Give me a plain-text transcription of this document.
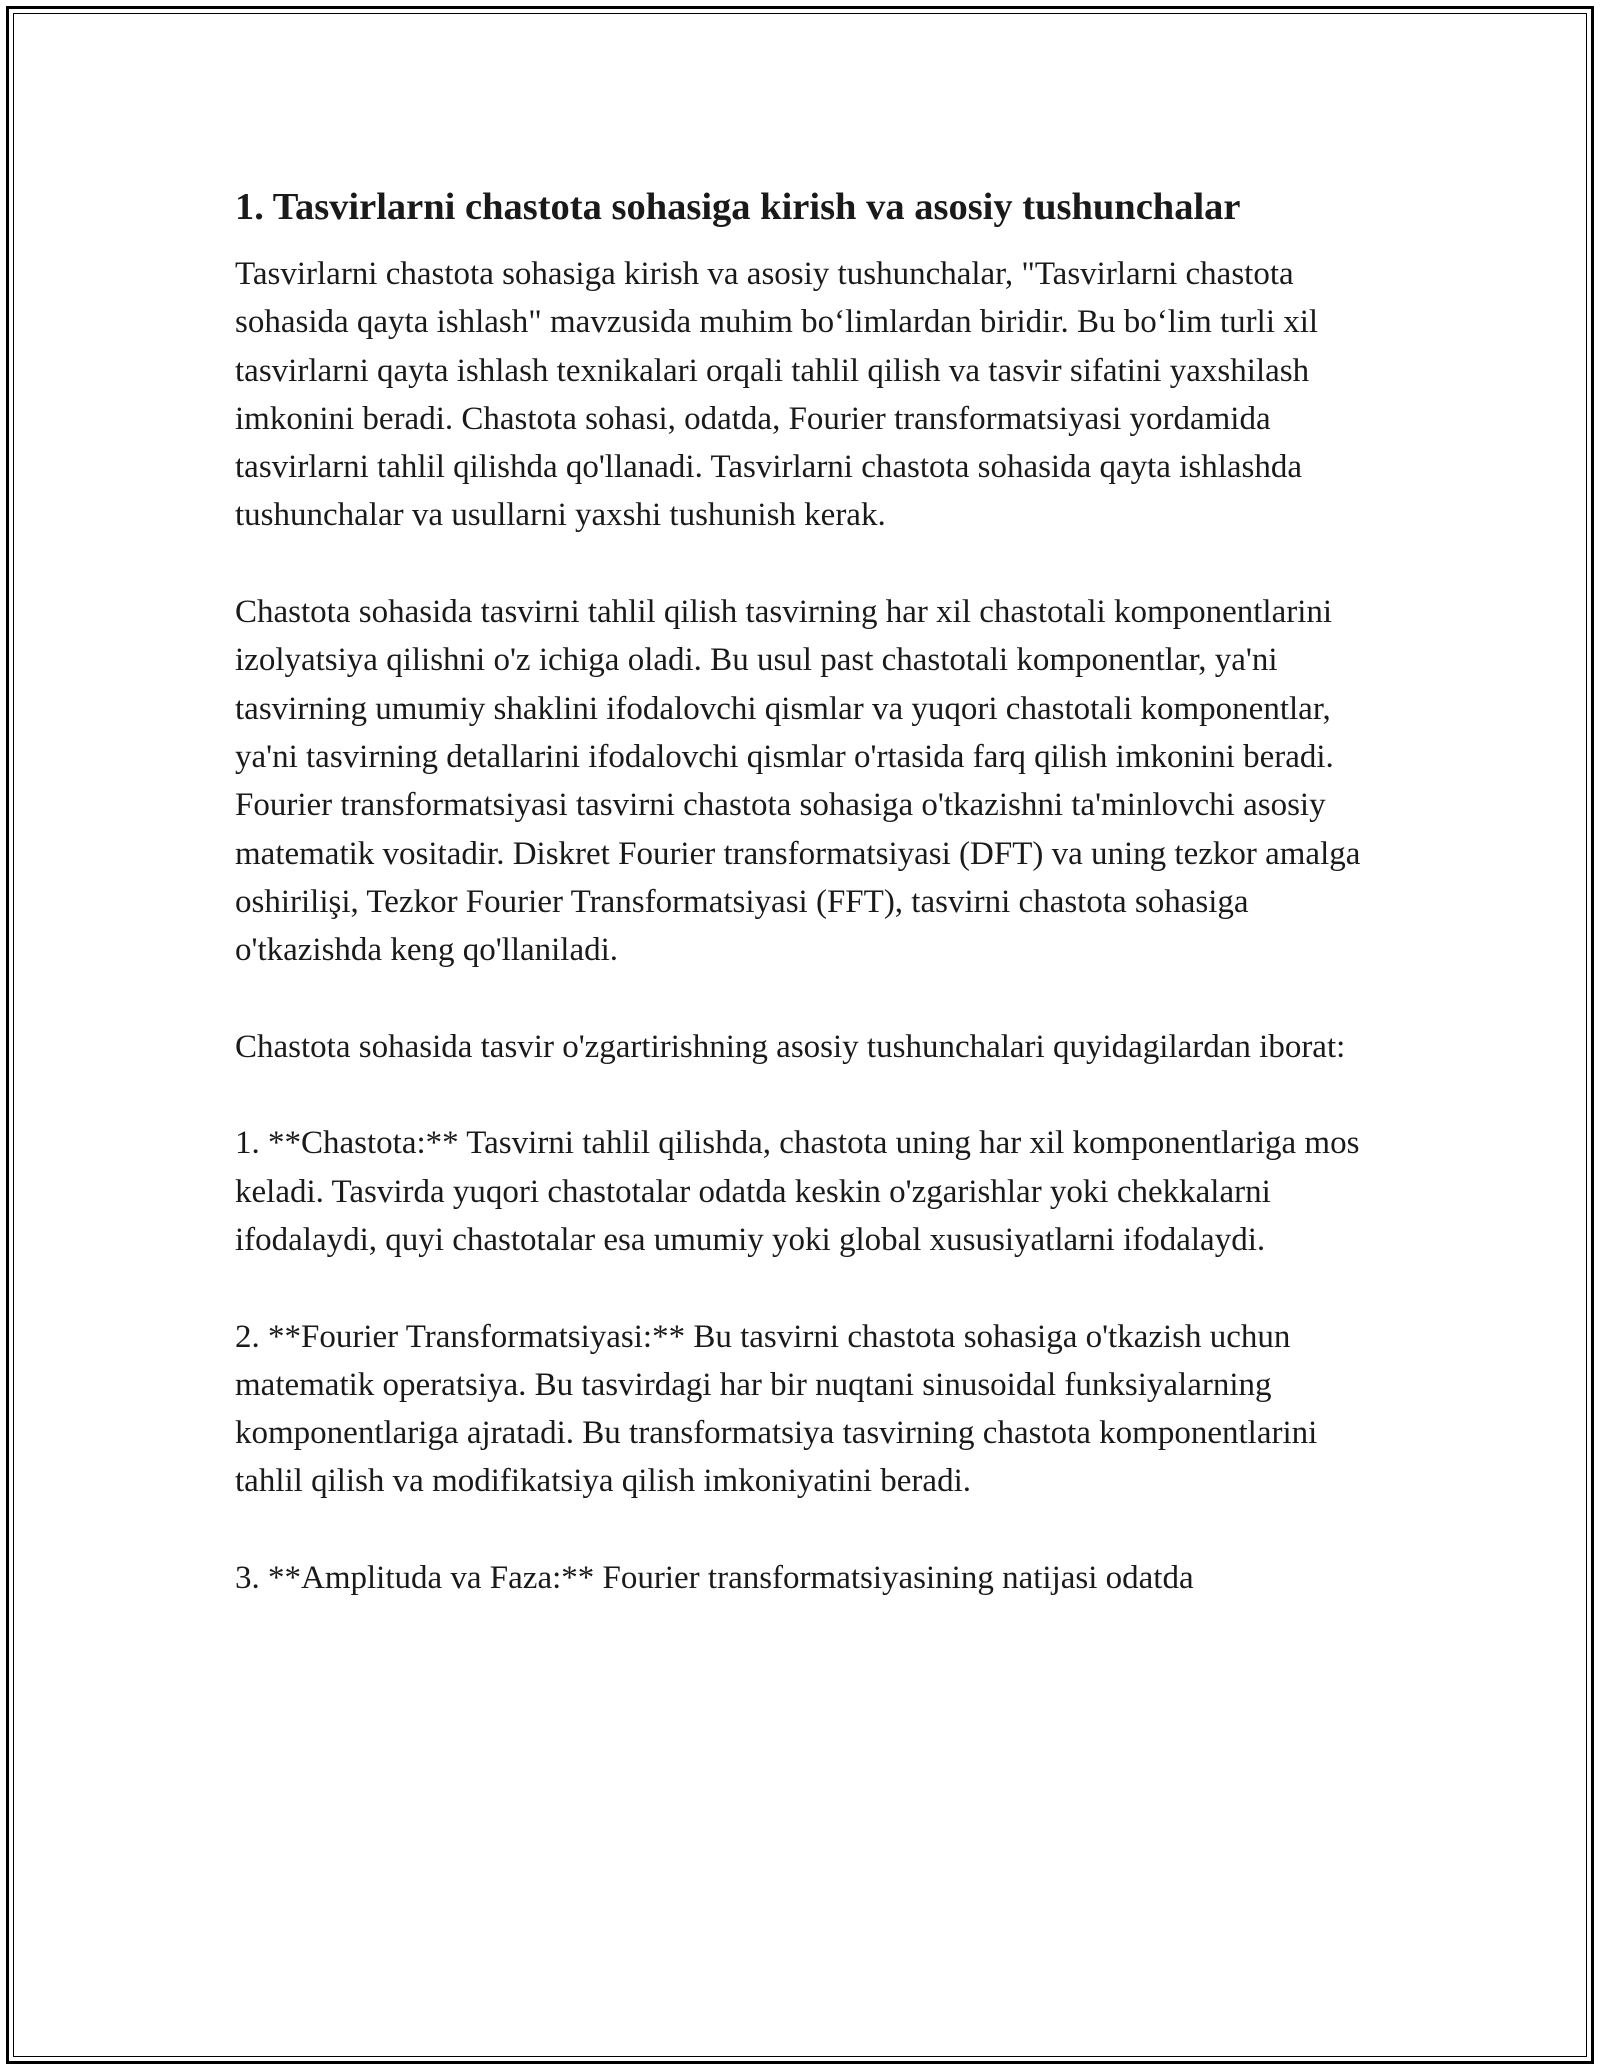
1. Tasvirlarni chastota sohasiga kirish va asosiy tushunchalar

Tasvirlarni chastota sohasiga kirish va asosiy tushunchalar, "Tasvirlarni chastota sohasida qayta ishlash" mavzusida muhim bo‘limlardan biridir. Bu bo‘lim turli xil tasvirlarni qayta ishlash texnikalari orqali tahlil qilish va tasvir sifatini yaxshilash imkonini beradi. Chastota sohasi, odatda, Fourier transformatsiyasi yordamida tasvirlarni tahlil qilishda qo'llanadi. Tasvirlarni chastota sohasida qayta ishlashda tushunchalar va usullarni yaxshi tushunish kerak.

Chastota sohasida tasvirni tahlil qilish tasvirning har xil chastotali komponentlarini izolyatsiya qilishni o'z ichiga oladi. Bu usul past chastotali komponentlar, ya'ni tasvirning umumiy shaklini ifodalovchi qismlar va yuqori chastotali komponentlar, ya'ni tasvirning detallarini ifodalovchi qismlar o'rtasida farq qilish imkonini beradi. Fourier transformatsiyasi tasvirni chastota sohasiga o'tkazishni ta'minlovchi asosiy matematik vositadir. Diskret Fourier transformatsiyasi (DFT) va uning tezkor amalga oshirilişi, Tezkor Fourier Transformatsiyasi (FFT), tasvirni chastota sohasiga o'tkazishda keng qo'llaniladi.

Chastota sohasida tasvir o'zgartirishning asosiy tushunchalari quyidagilardan iborat:

1. **Chastota:** Tasvirni tahlil qilishda, chastota uning har xil komponentlariga mos keladi. Tasvirda yuqori chastotalar odatda keskin o'zgarishlar yoki chekkalarni ifodalaydi, quyi chastotalar esa umumiy yoki global xususiyatlarni ifodalaydi.

2. **Fourier Transformatsiyasi:** Bu tasvirni chastota sohasiga o'tkazish uchun matematik operatsiya. Bu tasvirdagi har bir nuqtani sinusoidal funksiyalarning komponentlariga ajratadi. Bu transformatsiya tasvirning chastota komponentlarini tahlil qilish va modifikatsiya qilish imkoniyatini beradi.

3. **Amplituda va Faza:** Fourier transformatsiyasining natijasi odatda
